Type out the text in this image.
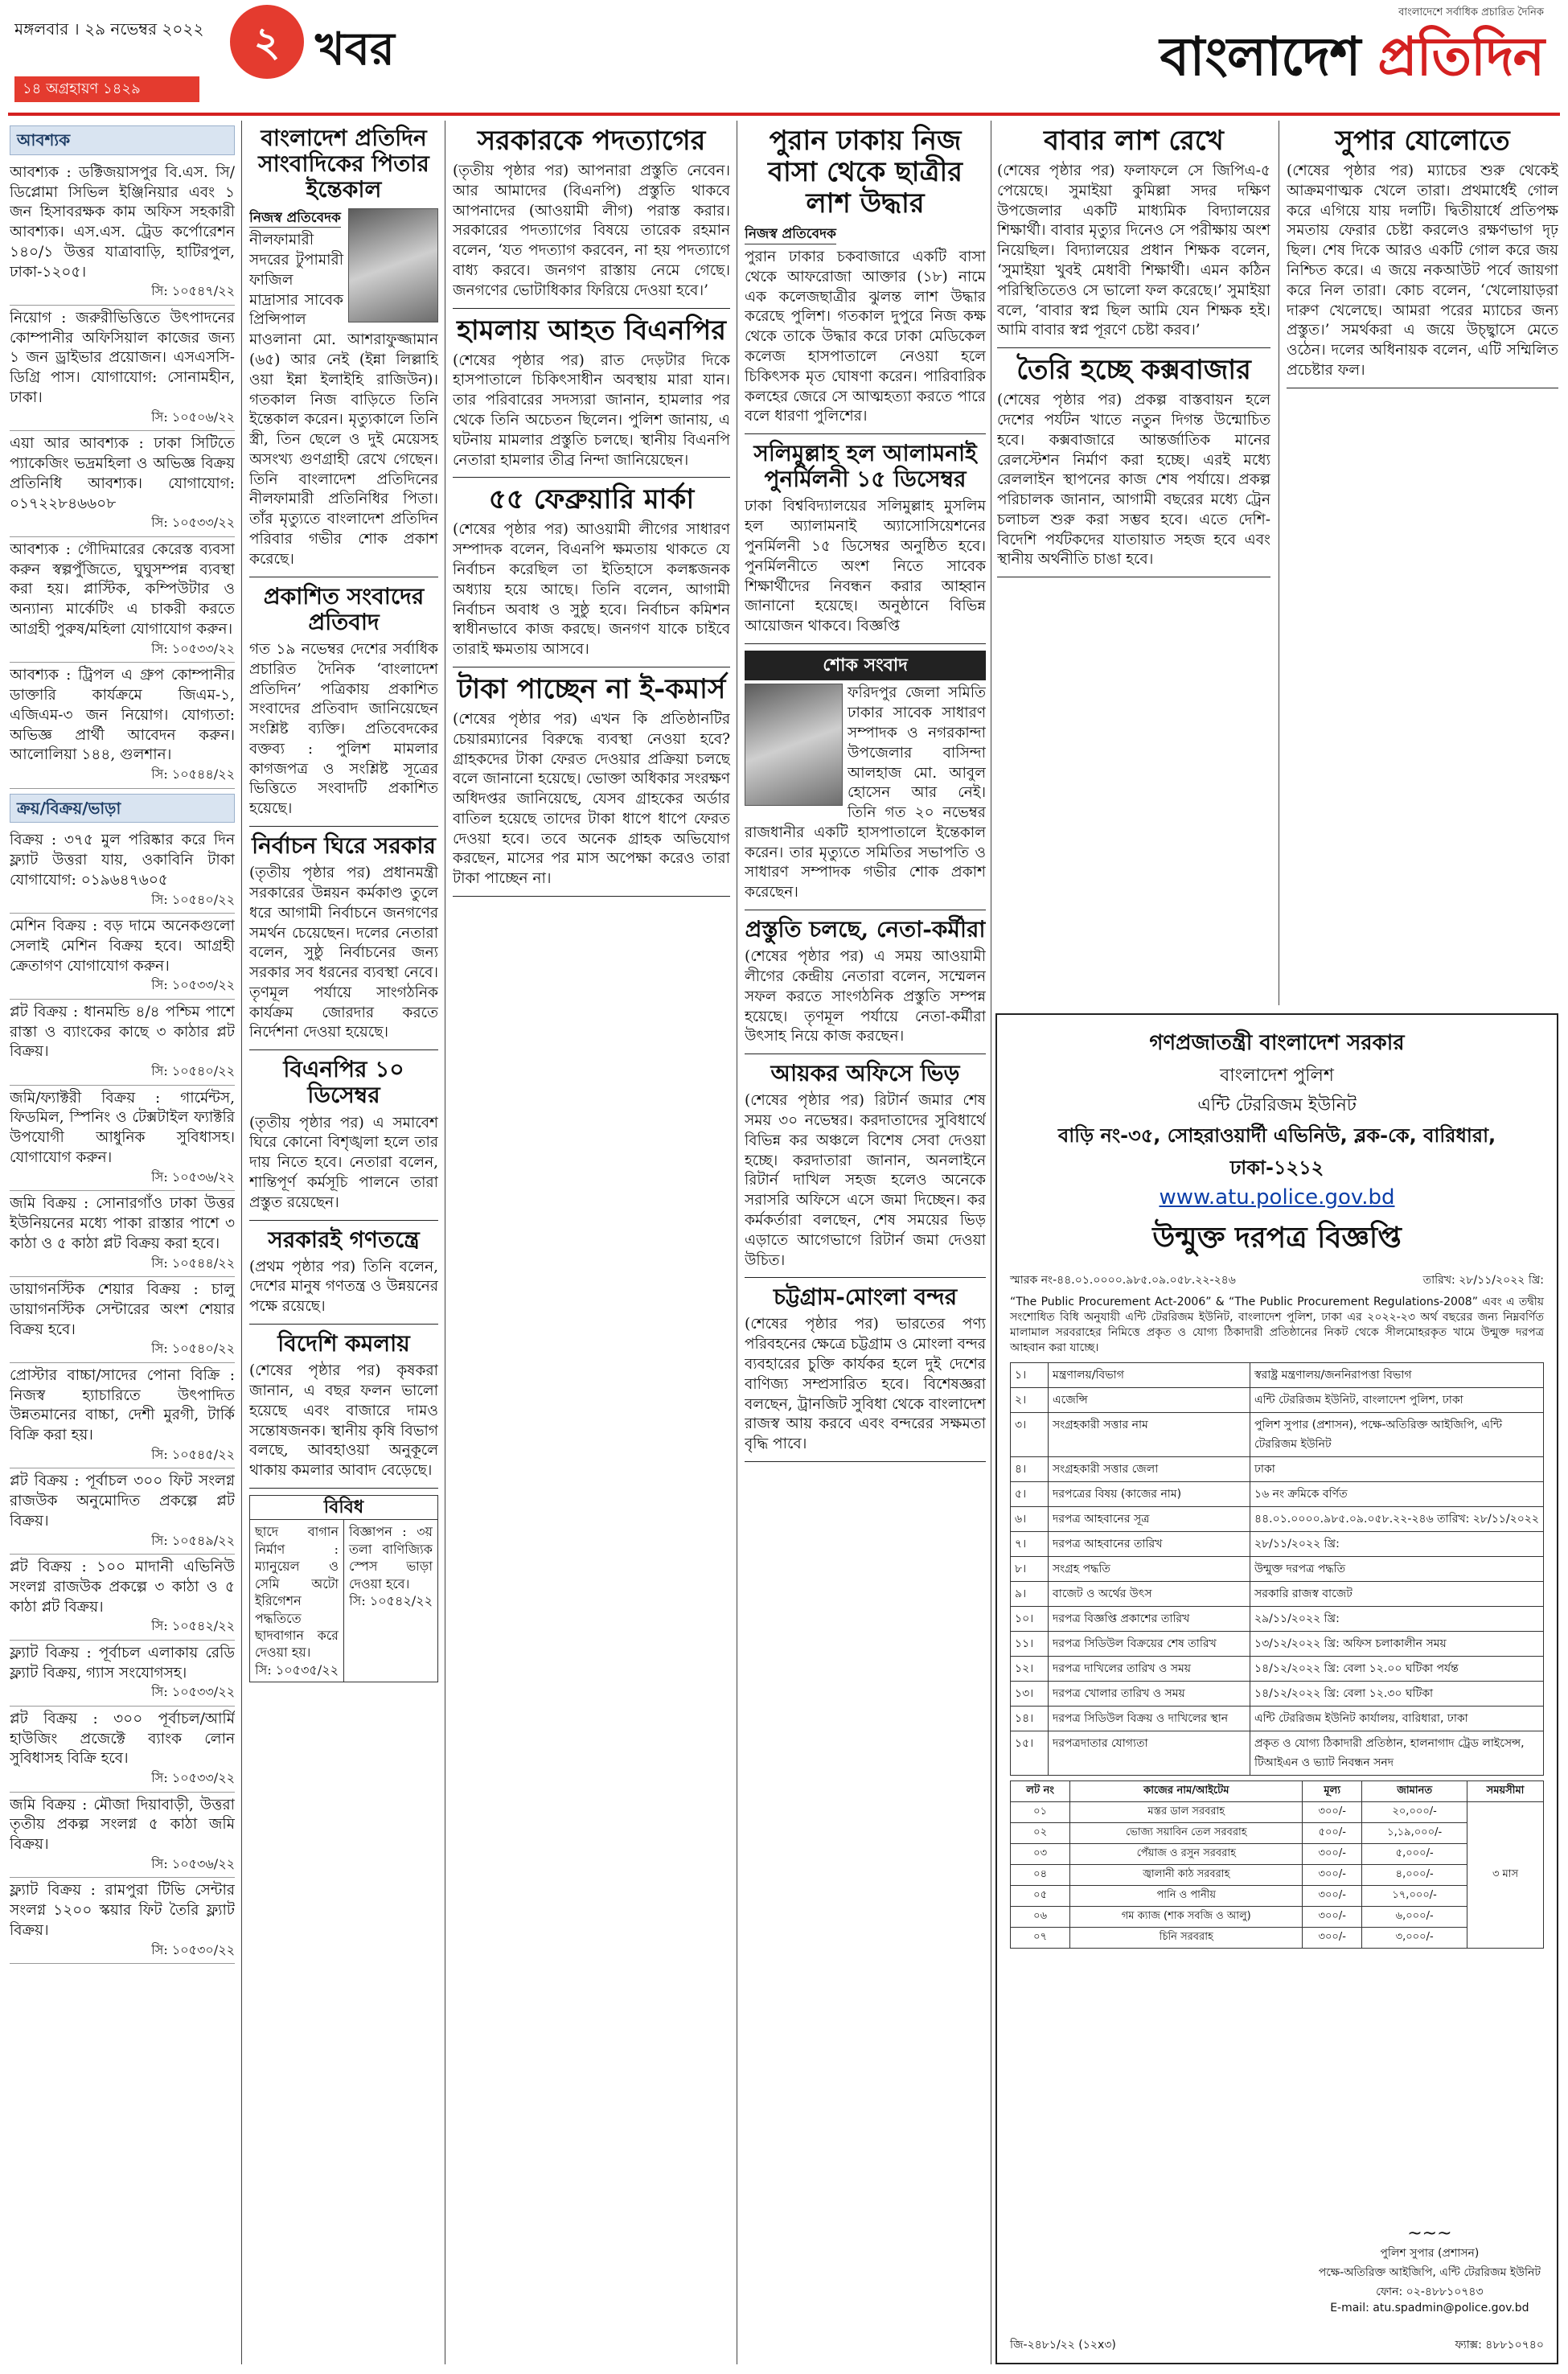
মঙ্গলবার । ২৯ নভেম্বর ২০২২
১৪ অগ্রহায়ণ ১৪২৯
২ খবর
বাংলাদেশে সর্বাধিক প্রচারিত দৈনিক
বাংলাদেশ প্রতিদিন
আবশ্যক
আবশ্যক : ডক্টিজয়াসপুর বি.এস. সি/ডিপ্লোমা সিভিল ইঞ্জিনিয়ার এবং ১ জন হিসাবরক্ষক কাম অফিস সহকারী আবশ্যক। এস.এস. ট্রেড কর্পোরেশন ১৪০/১ উত্তর যাত্রাবাড়ি, হাটিরপুল, ঢাকা-১২০৫।
সি: ১০৫৪৭/২২
নিয়োগ : জরুরীভিত্তিতে উৎপাদনের কোম্পানীর অফিসিয়াল কাজের জন্য ১ জন ড্রাইভার প্রয়োজন। এসএসসি-ডিগ্রি পাস। যোগাযোগ: সোনামহীন, ঢাকা।
সি: ১০৫০৬/২২
এয়া আর আবশ্যক : ঢাকা সিটিতে প্যাকেজিং ভদ্রমহিলা ও অভিজ্ঞ বিক্রয় প্রতিনিধি আবশ্যক। যোগাযোগ: ০১৭২২৮৪৬৬০৮
সি: ১০৫৩৩/২২
আবশ্যক : গৌদিমারের কেরেস্ত ব্যবসা করুন স্বল্পপুঁজিতে, ঘুঘুসম্পন্ন ব্যবস্থা করা হয়। প্লাস্টিক, কম্পিউটার ও অন্যান্য মার্কেটিং এ চাকরী করতে আগ্রহী পুরুষ/মহিলা যোগাযোগ করুন।
সি: ১০৫৩৩/২২
আবশ্যক : ট্রিপল এ গ্রুপ কোম্পানীর ডাক্তারি কার্যক্রমে জিএম-১, এজিএম-৩ জন নিয়োগ। যোগ্যতা: অভিজ্ঞ প্রার্থী আবেদন করুন। আলোলিয়া ১৪৪, গুলশান।
সি: ১০৫৪৪/২২
ক্রয়/বিক্রয়/ভাড়া
বিক্রয় : ৩৭৫ মুল পরিষ্কার করে দিন ফ্ল্যাট উত্তরা যায়, ওকাবিনি টাকা যোগাযোগ: ০১৯৬৪৭৬০৫
সি: ১০৫৪০/২২
মেশিন বিক্রয় : বড় দামে অনেকগুলো সেলাই মেশিন বিক্রয় হবে। আগ্রহী ক্রেতাগণ যোগাযোগ করুন।
সি: ১০৫৩৩/২২
প্লট বিক্রয় : ধানমন্ডি ৪/৪ পশ্চিম পাশে রাস্তা ও ব্যাংকের কাছে ৩ কাঠার প্লট বিক্রয়।
সি: ১০৫৪০/২২
জমি/ফ্যাক্টরী বিক্রয় : গার্মেন্টস, ফিডমিল, স্পিনিং ও টেক্সটাইল ফ্যাক্টরি উপযোগী আধুনিক সুবিধাসহ। যোগাযোগ করুন।
সি: ১০৫৩৬/২২
জমি বিক্রয় : সোনারগাঁও ঢাকা উত্তর ইউনিয়নের মধ্যে পাকা রাস্তার পাশে ৩ কাঠা ও ৫ কাঠা প্লট বিক্রয় করা হবে।
সি: ১০৫৪৪/২২
ডায়াগনস্টিক শেয়ার বিক্রয় : চালু ডায়াগনস্টিক সেন্টারের অংশ শেয়ার বিক্রয় হবে।
সি: ১০৫৪০/২২
প্রোস্টার বাচ্চা/সাদের পোনা বিক্রি : নিজস্ব হ্যাচারিতে উৎপাদিত উন্নতমানের বাচ্চা, দেশী মুরগী, টার্কি বিক্রি করা হয়।
সি: ১০৫৪৫/২২
প্লট বিক্রয় : পূর্বাচল ৩০০ ফিট সংলগ্ন রাজউক অনুমোদিত প্রকল্পে প্লট বিক্রয়।
সি: ১০৫৪৯/২২
প্লট বিক্রয় : ১০০ মাদানী এভিনিউ সংলগ্ন রাজউক প্রকল্পে ৩ কাঠা ও ৫ কাঠা প্লট বিক্রয়।
সি: ১০৫৪২/২২
ফ্ল্যাট বিক্রয় : পূর্বাচল এলাকায় রেডি ফ্ল্যাট বিক্রয়, গ্যাস সংযোগসহ।
সি: ১০৫৩৩/২২
প্লট বিক্রয় : ৩০০ পূর্বাচল/আর্মি হাউজিং প্রজেক্টে ব্যাংক লোন সুবিধাসহ বিক্রি হবে।
সি: ১০৫৩৩/২২
জমি বিক্রয় : মৌজা দিয়াবাড়ী, উত্তরা তৃতীয় প্রকল্প সংলগ্ন ৫ কাঠা জমি বিক্রয়।
সি: ১০৫৩৬/২২
ফ্ল্যাট বিক্রয় : রামপুরা টিভি সেন্টার সংলগ্ন ১২০০ স্কয়ার ফিট তৈরি ফ্ল্যাট বিক্রয়।
সি: ১০৫৩০/২২
বাংলাদেশ প্রতিদিন সাংবাদিকের পিতার ইন্তেকাল
নিজস্ব প্রতিবেদক
নীলফামারী সদরের টুপামারী ফাজিল মাদ্রাসার সাবেক প্রিন্সিপাল মাওলানা মো. আশরাফুজ্জামান (৬৫) আর নেই (ইন্না লিল্লাহি ওয়া ইন্না ইলাইহি রাজিউন)। গতকাল নিজ বাড়িতে তিনি ইন্তেকাল করেন। মৃত্যুকালে তিনি স্ত্রী, তিন ছেলে ও দুই মেয়েসহ অসংখ্য গুণগ্রাহী রেখে গেছেন। তিনি বাংলাদেশ প্রতিদিনের নীলফামারী প্রতিনিধির পিতা। তাঁর মৃত্যুতে বাংলাদেশ প্রতিদিন পরিবার গভীর শোক প্রকাশ করেছে।
প্রকাশিত সংবাদের প্রতিবাদ
গত ১৯ নভেম্বর দেশের সর্বাধিক প্রচারিত দৈনিক ‘বাংলাদেশ প্রতিদিন’ পত্রিকায় প্রকাশিত সংবাদের প্রতিবাদ জানিয়েছেন সংশ্লিষ্ট ব্যক্তি। প্রতিবেদকের বক্তব্য : পুলিশ মামলার কাগজপত্র ও সংশ্লিষ্ট সূত্রের ভিত্তিতে সংবাদটি প্রকাশিত হয়েছে।
নির্বাচন ঘিরে সরকার
(তৃতীয় পৃষ্ঠার পর) প্রধানমন্ত্রী সরকারের উন্নয়ন কর্মকাণ্ড তুলে ধরে আগামী নির্বাচনে জনগণের সমর্থন চেয়েছেন। দলের নেতারা বলেন, সুষ্ঠু নির্বাচনের জন্য সরকার সব ধরনের ব্যবস্থা নেবে। তৃণমূল পর্যায়ে সাংগঠনিক কার্যক্রম জোরদার করতে নির্দেশনা দেওয়া হয়েছে।
বিএনপির ১০ ডিসেম্বর
(তৃতীয় পৃষ্ঠার পর) এ সমাবেশ ঘিরে কোনো বিশৃঙ্খলা হলে তার দায় নিতে হবে। নেতারা বলেন, শান্তিপূর্ণ কর্মসূচি পালনে তারা প্রস্তুত রয়েছেন।
সরকারই গণতন্ত্রে
(প্রথম পৃষ্ঠার পর) তিনি বলেন, দেশের মানুষ গণতন্ত্র ও উন্নয়নের পক্ষে রয়েছে।
বিদেশি কমলায়
(শেষের পৃষ্ঠার পর) কৃষকরা জানান, এ বছর ফলন ভালো হয়েছে এবং বাজারে দামও সন্তোষজনক। স্থানীয় কৃষি বিভাগ বলছে, আবহাওয়া অনুকূলে থাকায় কমলার আবাদ বেড়েছে।
বিবিধ
ছাদে বাগান নির্মাণ : ম্যানুয়েল ও সেমি অটো ইরিগেশন পদ্ধতিতে ছাদবাগান করে দেওয়া হয়।
সি: ১০৫৩৫/২২
বিজ্ঞাপন : ৩য় তলা বাণিজ্যিক স্পেস ভাড়া দেওয়া হবে।
সি: ১০৫৪২/২২
সরকারকে পদত্যাগের
(তৃতীয় পৃষ্ঠার পর) আপনারা প্রস্তুতি নেবেন। আর আমাদের (বিএনপি) প্রস্তুতি থাকবে আপনাদের (আওয়ামী লীগ) পরাস্ত করার। সরকারের পদত্যাগের বিষয়ে তারেক রহমান বলেন, ‘যত পদত্যাগ করবেন, না হয় পদত্যাগে বাধ্য করবে। জনগণ রাস্তায় নেমে গেছে। জনগণের ভোটাধিকার ফিরিয়ে দেওয়া হবে।’
হামলায় আহত বিএনপির
(শেষের পৃষ্ঠার পর) রাত দেড়টার দিকে হাসপাতালে চিকিৎসাধীন অবস্থায় মারা যান। তার পরিবারের সদস্যরা জানান, হামলার পর থেকে তিনি অচেতন ছিলেন। পুলিশ জানায়, এ ঘটনায় মামলার প্রস্তুতি চলছে। স্থানীয় বিএনপি নেতারা হামলার তীব্র নিন্দা জানিয়েছেন।
৫৫ ফেব্রুয়ারি মার্কা
(শেষের পৃষ্ঠার পর) আওয়ামী লীগের সাধারণ সম্পাদক বলেন, বিএনপি ক্ষমতায় থাকতে যে নির্বাচন করেছিল তা ইতিহাসে কলঙ্কজনক অধ্যায় হয়ে আছে। তিনি বলেন, আগামী নির্বাচন অবাধ ও সুষ্ঠু হবে। নির্বাচন কমিশন স্বাধীনভাবে কাজ করছে। জনগণ যাকে চাইবে তারাই ক্ষমতায় আসবে।
টাকা পাচ্ছেন না ই-কমার্স
(শেষের পৃষ্ঠার পর) এখন কি প্রতিষ্ঠানটির চেয়ারম্যানের বিরুদ্ধে ব্যবস্থা নেওয়া হবে? গ্রাহকদের টাকা ফেরত দেওয়ার প্রক্রিয়া চলছে বলে জানানো হয়েছে। ভোক্তা অধিকার সংরক্ষণ অধিদপ্তর জানিয়েছে, যেসব গ্রাহকের অর্ডার বাতিল হয়েছে তাদের টাকা ধাপে ধাপে ফেরত দেওয়া হবে। তবে অনেক গ্রাহক অভিযোগ করছেন, মাসের পর মাস অপেক্ষা করেও তারা টাকা পাচ্ছেন না।
পুরান ঢাকায় নিজ বাসা থেকে ছাত্রীর লাশ উদ্ধার
নিজস্ব প্রতিবেদক
পুরান ঢাকার চকবাজারে একটি বাসা থেকে আফরোজা আক্তার (১৮) নামে এক কলেজছাত্রীর ঝুলন্ত লাশ উদ্ধার করেছে পুলিশ। গতকাল দুপুরে নিজ কক্ষ থেকে তাকে উদ্ধার করে ঢাকা মেডিকেল কলেজ হাসপাতালে নেওয়া হলে চিকিৎসক মৃত ঘোষণা করেন। পারিবারিক কলহের জেরে সে আত্মহত্যা করতে পারে বলে ধারণা পুলিশের।
সলিমুল্লাহ হল আলামনাই পুনর্মিলনী ১৫ ডিসেম্বর
ঢাকা বিশ্ববিদ্যালয়ের সলিমুল্লাহ মুসলিম হল অ্যালামনাই অ্যাসোসিয়েশনের পুনর্মিলনী ১৫ ডিসেম্বর অনুষ্ঠিত হবে। পুনর্মিলনীতে অংশ নিতে সাবেক শিক্ষার্থীদের নিবন্ধন করার আহ্বান জানানো হয়েছে। অনুষ্ঠানে বিভিন্ন আয়োজন থাকবে। বিজ্ঞপ্তি
শোক সংবাদ
ফরিদপুর জেলা সমিতি ঢাকার সাবেক সাধারণ সম্পাদক ও নগরকান্দা উপজেলার বাসিন্দা আলহাজ মো. আবুল হোসেন আর নেই। তিনি গত ২০ নভেম্বর রাজধানীর একটি হাসপাতালে ইন্তেকাল করেন। তার মৃত্যুতে সমিতির সভাপতি ও সাধারণ সম্পাদক গভীর শোক প্রকাশ করেছেন।
প্রস্তুতি চলছে, নেতা-কর্মীরা
(শেষের পৃষ্ঠার পর) এ সময় আওয়ামী লীগের কেন্দ্রীয় নেতারা বলেন, সম্মেলন সফল করতে সাংগঠনিক প্রস্তুতি সম্পন্ন হয়েছে। তৃণমূল পর্যায়ে নেতা-কর্মীরা উৎসাহ নিয়ে কাজ করছেন।
আয়কর অফিসে ভিড়
(শেষের পৃষ্ঠার পর) রিটার্ন জমার শেষ সময় ৩০ নভেম্বর। করদাতাদের সুবিধার্থে বিভিন্ন কর অঞ্চলে বিশেষ সেবা দেওয়া হচ্ছে। করদাতারা জানান, অনলাইনে রিটার্ন দাখিল সহজ হলেও অনেকে সরাসরি অফিসে এসে জমা দিচ্ছেন। কর কর্মকর্তারা বলছেন, শেষ সময়ের ভিড় এড়াতে আগেভাগে রিটার্ন জমা দেওয়া উচিত।
চট্টগ্রাম-মোংলা বন্দর
(শেষের পৃষ্ঠার পর) ভারতের পণ্য পরিবহনের ক্ষেত্রে চট্টগ্রাম ও মোংলা বন্দর ব্যবহারের চুক্তি কার্যকর হলে দুই দেশের বাণিজ্য সম্প্রসারিত হবে। বিশেষজ্ঞরা বলছেন, ট্রানজিট সুবিধা থেকে বাংলাদেশ রাজস্ব আয় করবে এবং বন্দরের সক্ষমতা বৃদ্ধি পাবে।
বাবার লাশ রেখে
(শেষের পৃষ্ঠার পর) ফলাফলে সে জিপিএ-৫ পেয়েছে। সুমাইয়া কুমিল্লা সদর দক্ষিণ উপজেলার একটি মাধ্যমিক বিদ্যালয়ের শিক্ষার্থী। বাবার মৃত্যুর দিনেও সে পরীক্ষায় অংশ নিয়েছিল। বিদ্যালয়ের প্রধান শিক্ষক বলেন, ‘সুমাইয়া খুবই মেধাবী শিক্ষার্থী। এমন কঠিন পরিস্থিতিতেও সে ভালো ফল করেছে।’ সুমাইয়া বলে, ‘বাবার স্বপ্ন ছিল আমি যেন শিক্ষক হই। আমি বাবার স্বপ্ন পূরণে চেষ্টা করব।’
তৈরি হচ্ছে কক্সবাজার
(শেষের পৃষ্ঠার পর) প্রকল্প বাস্তবায়ন হলে দেশের পর্যটন খাতে নতুন দিগন্ত উন্মোচিত হবে। কক্সবাজারে আন্তর্জাতিক মানের রেলস্টেশন নির্মাণ করা হচ্ছে। এরই মধ্যে রেললাইন স্থাপনের কাজ শেষ পর্যায়ে। প্রকল্প পরিচালক জানান, আগামী বছরের মধ্যে ট্রেন চলাচল শুরু করা সম্ভব হবে। এতে দেশি-বিদেশি পর্যটকদের যাতায়াত সহজ হবে এবং স্থানীয় অর্থনীতি চাঙা হবে।
সুপার যোলোতে
(শেষের পৃষ্ঠার পর) ম্যাচের শুরু থেকেই আক্রমণাত্মক খেলে তারা। প্রথমার্ধেই গোল করে এগিয়ে যায় দলটি। দ্বিতীয়ার্ধে প্রতিপক্ষ সমতায় ফেরার চেষ্টা করলেও রক্ষণভাগ দৃঢ় ছিল। শেষ দিকে আরও একটি গোল করে জয় নিশ্চিত করে। এ জয়ে নকআউট পর্বে জায়গা করে নিল তারা। কোচ বলেন, ‘খেলোয়াড়রা দারুণ খেলেছে। আমরা পরের ম্যাচের জন্য প্রস্তুত।’ সমর্থকরা এ জয়ে উচ্ছ্বাসে মেতে ওঠেন। দলের অধিনায়ক বলেন, এটি সম্মিলিত প্রচেষ্টার ফল।
গণপ্রজাতন্ত্রী বাংলাদেশ সরকার
বাংলাদেশ পুলিশ
এন্টি টেররিজম ইউনিট
বাড়ি নং-৩৫, সোহরাওয়ার্দী এভিনিউ, ব্লক-কে, বারিধারা, ঢাকা-১২১২
www.atu.police.gov.bd
উন্মুক্ত দরপত্র বিজ্ঞপ্তি
স্মারক নং-৪৪.০১.০০০০.৯৮৫.০৯.০৫৮.২২-২৪৬	তারিখ: ২৮/১১/২০২২ খ্রি:
“The Public Procurement Act-2006” & “The Public Procurement Regulations-2008” এবং এ তদ্বীয় সংশোধিত বিধি অনুযায়ী এন্টি টেররিজম ইউনিট, বাংলাদেশ পুলিশ, ঢাকা এর ২০২২-২৩ অর্থ বছরের জন্য নিম্নবর্ণিত মালামাল সরবরাহের নিমিত্তে প্রকৃত ও যোগ্য ঠিকাদারী প্রতিষ্ঠানের নিকট থেকে সীলমোহরকৃত খামে উন্মুক্ত দরপত্র আহবান করা যাচ্ছে।
১।	মন্ত্রণালয়/বিভাগ	স্বরাষ্ট্র মন্ত্রণালয়/জননিরাপত্তা বিভাগ
২।	এজেন্সি	এন্টি টেররিজম ইউনিট, বাংলাদেশ পুলিশ, ঢাকা
৩।	সংগ্রহকারী সত্তার নাম	পুলিশ সুপার (প্রশাসন), পক্ষে-অতিরিক্ত আইজিপি, এন্টি টেররিজম ইউনিট
৪।	সংগ্রহকারী সত্তার জেলা	ঢাকা
৫।	দরপত্রের বিষয় (কাজের নাম)	১৬ নং ক্রমিকে বর্ণিত
৬।	দরপত্র আহবানের সূত্র	৪৪.০১.০০০০.৯৮৫.০৯.০৫৮.২২-২৪৬ তারিখ: ২৮/১১/২০২২
৭।	দরপত্র আহবানের তারিখ	২৮/১১/২০২২ খ্রি:
৮।	সংগ্রহ পদ্ধতি	উন্মুক্ত দরপত্র পদ্ধতি
৯।	বাজেট ও অর্থের উৎস	সরকারি রাজস্ব বাজেট
১০।	দরপত্র বিজ্ঞপ্তি প্রকাশের তারিখ	২৯/১১/২০২২ খ্রি:
১১।	দরপত্র সিডিউল বিক্রয়ের শেষ তারিখ	১৩/১২/২০২২ খ্রি: অফিস চলাকালীন সময়
১২।	দরপত্র দাখিলের তারিখ ও সময়	১৪/১২/২০২২ খ্রি: বেলা ১২.০০ ঘটিকা পর্যন্ত
১৩।	দরপত্র খোলার তারিখ ও সময়	১৪/১২/২০২২ খ্রি: বেলা ১২.৩০ ঘটিকা
১৪।	দরপত্র সিডিউল বিক্রয় ও দাখিলের স্থান	এন্টি টেররিজম ইউনিট কার্যালয়, বারিধারা, ঢাকা
১৫।	দরপত্রদাতার যোগ্যতা	প্রকৃত ও যোগ্য ঠিকাদারী প্রতিষ্ঠান, হালনাগাদ ট্রেড লাইসেন্স, টিআইএন ও ভ্যাট নিবন্ধন সনদ
লট নং	কাজের নাম/আইটেম	মূল্য	জামানত	সময়সীমা
০১	মস্তর ডাল সরবরাহ	৩০০/-	২০,০০০/-	৩ মাস
০২	ভোজ্য সয়াবিন তেল সরবরাহ	৫০০/-	১,১৯,০০০/-	
০৩	পেঁয়াজ ও রসুন সরবরাহ	৩০০/-	৫,০০০/-	
০৪	জ্বালানী কাঠ সরবরাহ	৩০০/-	৪,০০০/-	
০৫	পানি ও পানীয়	৩০০/-	১৭,০০০/-	
০৬	গম ক্যাজ (শাক সবজি ও আলু)	৩০০/-	৬,০০০/-	
০৭	চিনি সরবরাহ	৩০০/-	৩,০০০/-	
~~~
পুলিশ সুপার (প্রশাসন)
পক্ষে-অতিরিক্ত আইজিপি, এন্টি টেররিজম ইউনিট
ফোন: ০২-৪৮৮১০৭৪৩
E-mail: atu.spadmin@police.gov.bd
জি-২৪৮১/২২ (১২x৩)	ফ্যাক্স: ৪৮৮১০৭৪০
